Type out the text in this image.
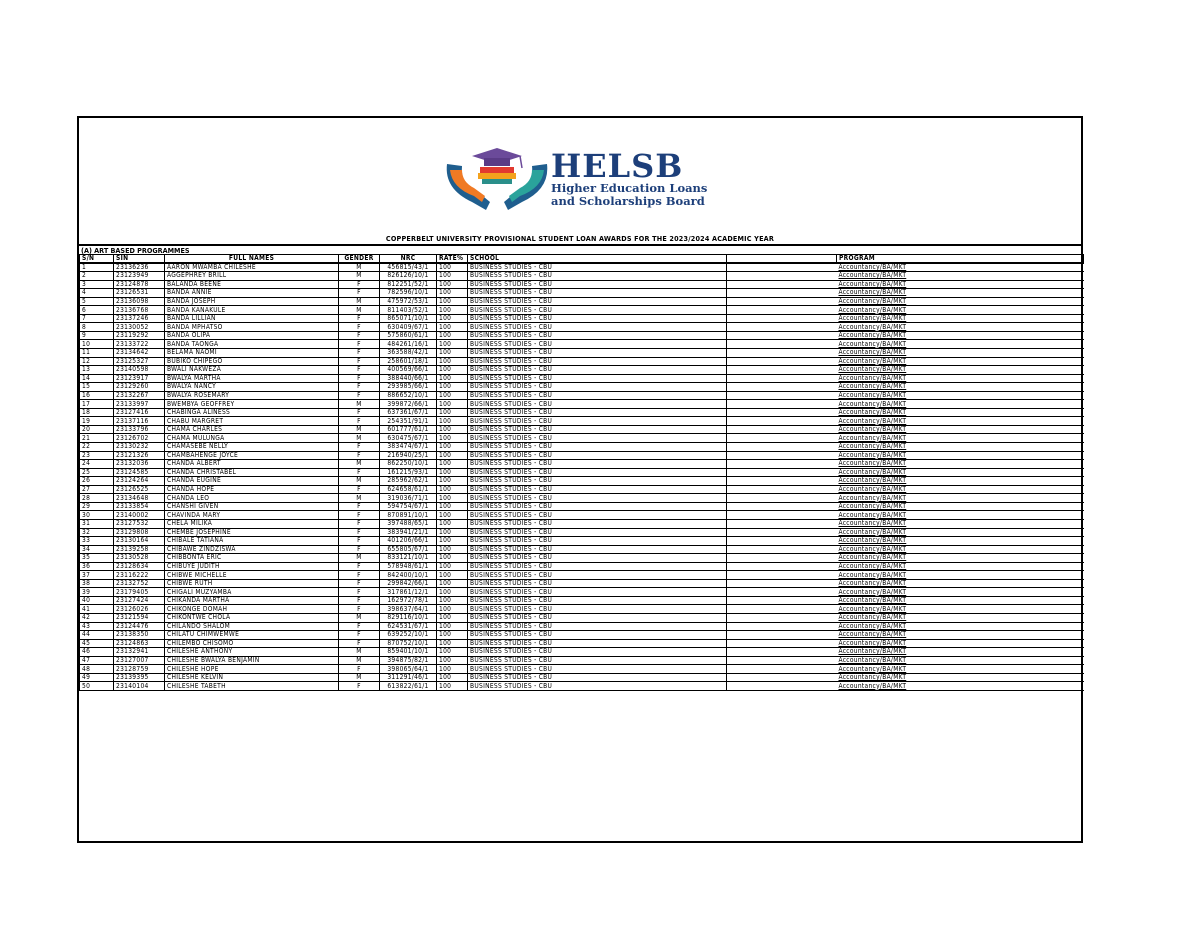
HELSB
Higher Education Loans
and Scholarships Board
COPPERBELT UNIVERSITY PROVISIONAL STUDENT LOAN AWARDS FOR THE 2023/2024 ACADEMIC YEAR
(A) ART BASED PROGRAMMES
S/N	SIN	FULL NAMES	GENDER	NRC	RATE%	SCHOOL		PROGRAM
1	23136236	AARON MWAMBA CHILESHE	M	456815/43/1	100	BUSINESS STUDIES - CBU		Accountancy/BA/MKT
2	23123949	AGGEPHREY BRILL	M	826126/10/1	100	BUSINESS STUDIES - CBU		Accountancy/BA/MKT
3	23124878	BALANDA BEENE	F	812251/52/1	100	BUSINESS STUDIES - CBU		Accountancy/BA/MKT
4	23126531	BANDA ANNIE	F	782596/10/1	100	BUSINESS STUDIES - CBU		Accountancy/BA/MKT
5	23136098	BANDA JOSEPH	M	475972/53/1	100	BUSINESS STUDIES - CBU		Accountancy/BA/MKT
6	23136768	BANDA KANAKULE	M	811403/52/1	100	BUSINESS STUDIES - CBU		Accountancy/BA/MKT
7	23137246	BANDA LILLIAN	F	865071/10/1	100	BUSINESS STUDIES - CBU		Accountancy/BA/MKT
8	23130052	BANDA MPHATSO	F	630409/67/1	100	BUSINESS STUDIES - CBU		Accountancy/BA/MKT
9	23119292	BANDA OLIPA	F	575860/61/1	100	BUSINESS STUDIES - CBU		Accountancy/BA/MKT
10	23133722	BANDA TAONGA	F	484261/16/1	100	BUSINESS STUDIES - CBU		Accountancy/BA/MKT
11	23134642	BELAMA NAOMI	F	363588/42/1	100	BUSINESS STUDIES - CBU		Accountancy/BA/MKT
12	23125327	BUBIKO CHIPEGO	F	258601/18/1	100	BUSINESS STUDIES - CBU		Accountancy/BA/MKT
13	23140598	BWALI NAKWEZA	F	400569/66/1	100	BUSINESS STUDIES - CBU		Accountancy/BA/MKT
14	23123917	BWALYA MARTHA	F	388440/66/1	100	BUSINESS STUDIES - CBU		Accountancy/BA/MKT
15	23129260	BWALYA NANCY	F	293985/66/1	100	BUSINESS STUDIES - CBU		Accountancy/BA/MKT
16	23132267	BWALYA ROSEMARY	F	886652/10/1	100	BUSINESS STUDIES - CBU		Accountancy/BA/MKT
17	23133997	BWEMBYA GEOFFREY	M	399872/66/1	100	BUSINESS STUDIES - CBU		Accountancy/BA/MKT
18	23127416	CHABINGA ALINESS	F	637361/67/1	100	BUSINESS STUDIES - CBU		Accountancy/BA/MKT
19	23137116	CHABU MARGRET	F	254351/91/1	100	BUSINESS STUDIES - CBU		Accountancy/BA/MKT
20	23133796	CHAMA CHARLES	M	601777/61/1	100	BUSINESS STUDIES - CBU		Accountancy/BA/MKT
21	23126702	CHAMA MULUNGA	M	630475/67/1	100	BUSINESS STUDIES - CBU		Accountancy/BA/MKT
22	23130232	CHAMASEBE NELLY	F	383474/67/1	100	BUSINESS STUDIES - CBU		Accountancy/BA/MKT
23	23121326	CHAMBAHENGE JOYCE	F	216940/25/1	100	BUSINESS STUDIES - CBU		Accountancy/BA/MKT
24	23132036	CHANDA ALBERT	M	862250/10/1	100	BUSINESS STUDIES - CBU		Accountancy/BA/MKT
25	23124585	CHANDA CHRISTABEL	F	161215/93/1	100	BUSINESS STUDIES - CBU		Accountancy/BA/MKT
26	23124264	CHANDA EUGINE	M	285962/62/1	100	BUSINESS STUDIES - CBU		Accountancy/BA/MKT
27	23126525	CHANDA HOPE	F	624658/61/1	100	BUSINESS STUDIES - CBU		Accountancy/BA/MKT
28	23134648	CHANDA LEO	M	319036/71/1	100	BUSINESS STUDIES - CBU		Accountancy/BA/MKT
29	23133854	CHANSHI GIVEN	F	594754/67/1	100	BUSINESS STUDIES - CBU		Accountancy/BA/MKT
30	23140002	CHAVINDA MARY	F	870891/10/1	100	BUSINESS STUDIES - CBU		Accountancy/BA/MKT
31	23127532	CHELA MILIKA	F	397488/65/1	100	BUSINESS STUDIES - CBU		Accountancy/BA/MKT
32	23129808	CHEMBE JOSEPHINE	F	383941/21/1	100	BUSINESS STUDIES - CBU		Accountancy/BA/MKT
33	23130164	CHIBALE TATIANA	F	401206/66/1	100	BUSINESS STUDIES - CBU		Accountancy/BA/MKT
34	23139258	CHIBAWE ZINDZISWA	F	655805/67/1	100	BUSINESS STUDIES - CBU		Accountancy/BA/MKT
35	23130528	CHIBBONTA ERIC	M	833121/10/1	100	BUSINESS STUDIES - CBU		Accountancy/BA/MKT
36	23128634	CHIBUYE JUDITH	F	578948/61/1	100	BUSINESS STUDIES - CBU		Accountancy/BA/MKT
37	23116222	CHIBWE MICHELLE	F	842400/10/1	100	BUSINESS STUDIES - CBU		Accountancy/BA/MKT
38	23132752	CHIBWE RUTH	F	299842/66/1	100	BUSINESS STUDIES - CBU		Accountancy/BA/MKT
39	23179405	CHIGALI MUZYAMBA	F	317861/12/1	100	BUSINESS STUDIES - CBU		Accountancy/BA/MKT
40	23127424	CHIKANDA MARTHA	F	162972/78/1	100	BUSINESS STUDIES - CBU		Accountancy/BA/MKT
41	23126026	CHIKONGE DOMAH	F	398637/64/1	100	BUSINESS STUDIES - CBU		Accountancy/BA/MKT
42	23121594	CHIKONTWE CHOLA	M	829116/10/1	100	BUSINESS STUDIES - CBU		Accountancy/BA/MKT
43	23124476	CHILANDO SHALOM	F	624531/67/1	100	BUSINESS STUDIES - CBU		Accountancy/BA/MKT
44	23138350	CHILATU CHIMWEMWE	F	639252/10/1	100	BUSINESS STUDIES - CBU		Accountancy/BA/MKT
45	23124863	CHILEMBO CHISOMO	F	870752/10/1	100	BUSINESS STUDIES - CBU		Accountancy/BA/MKT
46	23132941	CHILESHE ANTHONY	M	859401/10/1	100	BUSINESS STUDIES - CBU		Accountancy/BA/MKT
47	23127007	CHILESHE BWALYA BENJAMIN	M	394875/82/1	100	BUSINESS STUDIES - CBU		Accountancy/BA/MKT
48	23128759	CHILESHE HOPE	F	398065/64/1	100	BUSINESS STUDIES - CBU		Accountancy/BA/MKT
49	23139395	CHILESHE KELVIN	M	311291/46/1	100	BUSINESS STUDIES - CBU		Accountancy/BA/MKT
50	23140104	CHILESHE TABETH	F	613822/61/1	100	BUSINESS STUDIES - CBU		Accountancy/BA/MKT
